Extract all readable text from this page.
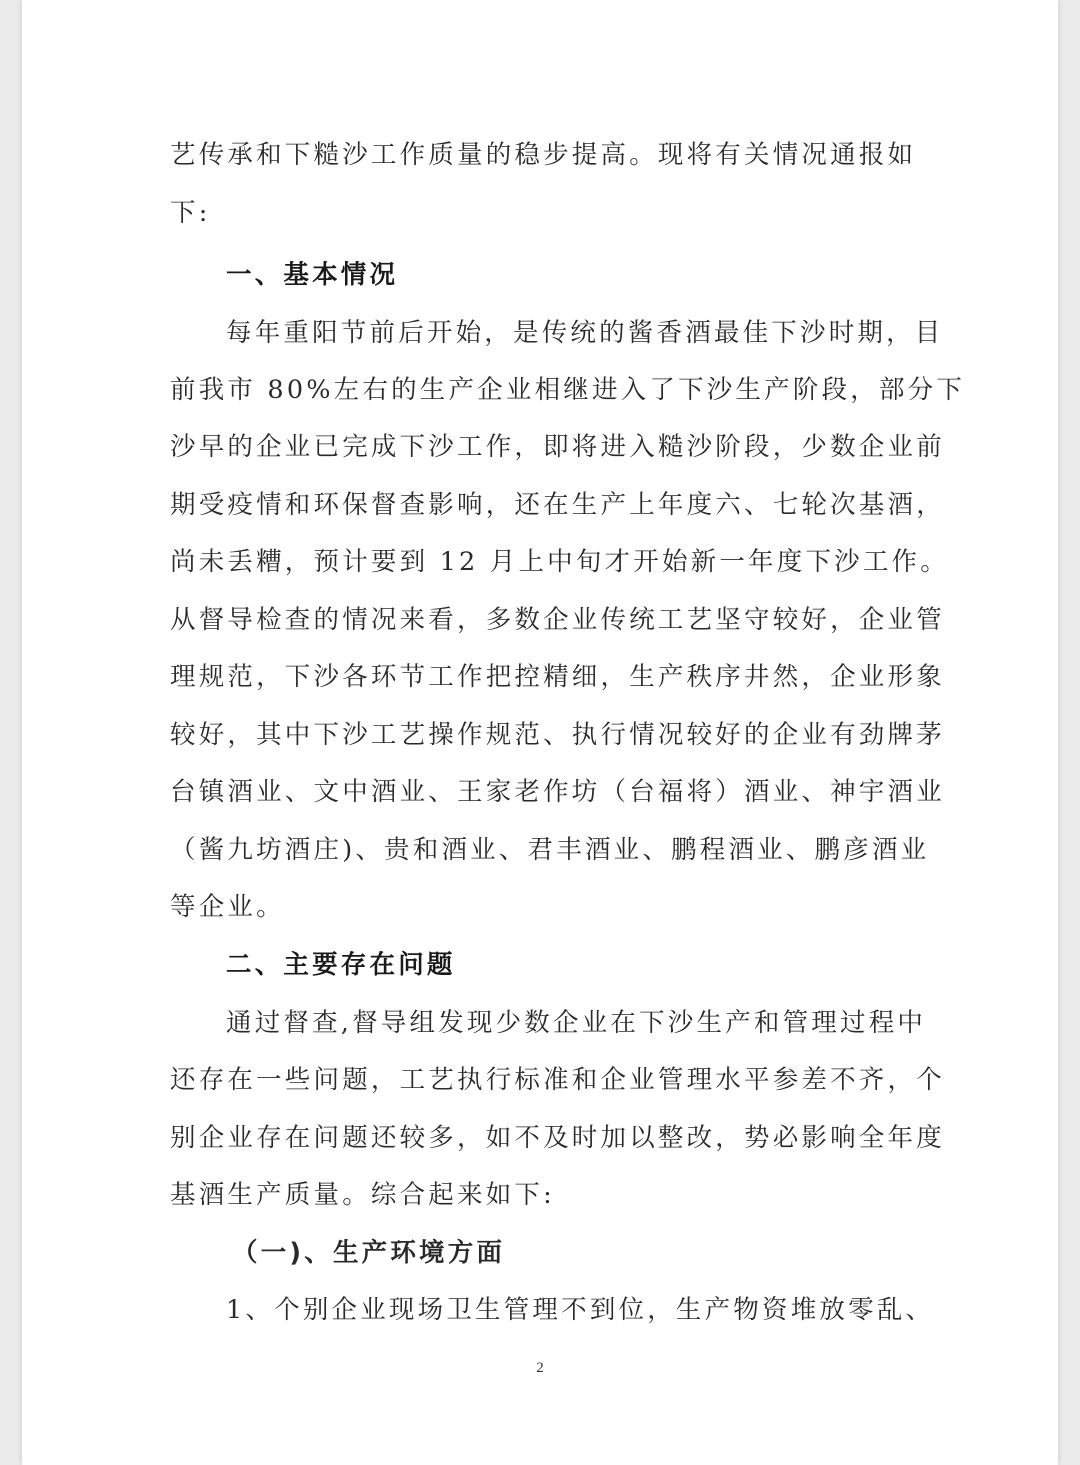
艺传承和下糙沙工作质量的稳步提高。现将有关情况通报如
下:
一、基本情况
每年重阳节前后开始，是传统的酱香酒最佳下沙时期，目
前我市 80%左右的生产企业相继进入了下沙生产阶段，部分下
沙早的企业已完成下沙工作，即将进入糙沙阶段，少数企业前
期受疫情和环保督查影响，还在生产上年度六、七轮次基酒，
尚未丢糟，预计要到 12 月上中旬才开始新一年度下沙工作。
从督导检查的情况来看，多数企业传统工艺坚守较好，企业管
理规范，下沙各环节工作把控精细，生产秩序井然，企业形象
较好，其中下沙工艺操作规范、执行情况较好的企业有劲牌茅
台镇酒业、文中酒业、王家老作坊（台福将）酒业、神宇酒业
（酱九坊酒庄)、贵和酒业、君丰酒业、鹏程酒业、鹏彦酒业
等企业。
二、主要存在问题
通过督查,督导组发现少数企业在下沙生产和管理过程中
还存在一些问题，工艺执行标准和企业管理水平参差不齐，个
别企业存在问题还较多，如不及时加以整改，势必影响全年度
基酒生产质量。综合起来如下:
（一)、生产环境方面
1、个别企业现场卫生管理不到位，生产物资堆放零乱、
2
